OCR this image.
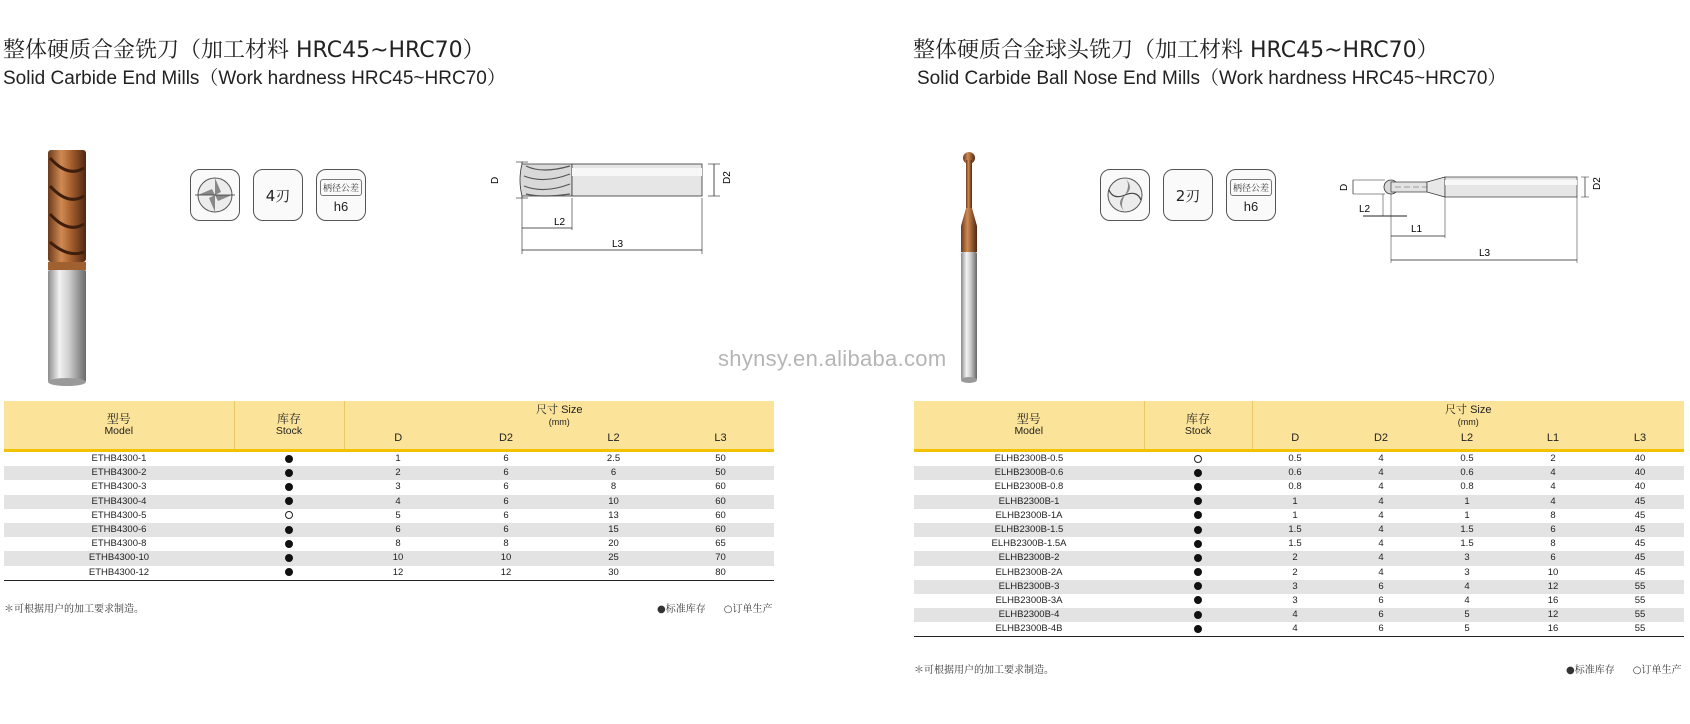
整体硬质合金铣刀（加工材料 HRC45~HRC70）
Solid Carbide End Mills（Work hardness HRC45~HRC70）
4刃	柄径公差
h6
D	D2
L2
L3
型号
Model	库存
Stock	尺寸 Size
(mm)			

		D	D2	L2	L3
ETHB4300-1		1	6	2.5	50
ETHB4300-2		2	6	6	50
ETHB4300-3		3	6	8	60
ETHB4300-4		4	6	10	60
ETHB4300-5		5	6	13	60
ETHB4300-6		6	6	15	60
ETHB4300-8		8	8	20	65
ETHB4300-10		10	10	25	70
ETHB4300-12		12	12	30	80
＊可根据用户的加工要求制造。	●标准库存 ○订单生产
shynsy.en.alibaba.com
整体硬质合金球头铣刀（加工材料 HRC45~HRC70）
Solid Carbide Ball Nose End Mills（Work hardness HRC45~HRC70）
2刃	柄径公差
h6
D	D2
L2
L1
L3
型号
Model	库存
Stock	尺寸 Size
(mm)				

		D	D2	L2	L1	L3
ELHB2300B-0.5		0.5	4	0.5	2	40
ELHB2300B-0.6		0.6	4	0.6	4	40
ELHB2300B-0.8		0.8	4	0.8	4	40
ELHB2300B-1		1	4	1	4	45
ELHB2300B-1A		1	4	1	8	45
ELHB2300B-1.5		1.5	4	1.5	6	45
ELHB2300B-1.5A		1.5	4	1.5	8	45
ELHB2300B-2		2	4	3	6	45
ELHB2300B-2A		2	4	3	10	45
ELHB2300B-3		3	6	4	12	55
ELHB2300B-3A		3	6	4	16	55
ELHB2300B-4		4	6	5	12	55
ELHB2300B-4B		4	6	5	16	55
＊可根据用户的加工要求制造。	●标准库存 ○订单生产
